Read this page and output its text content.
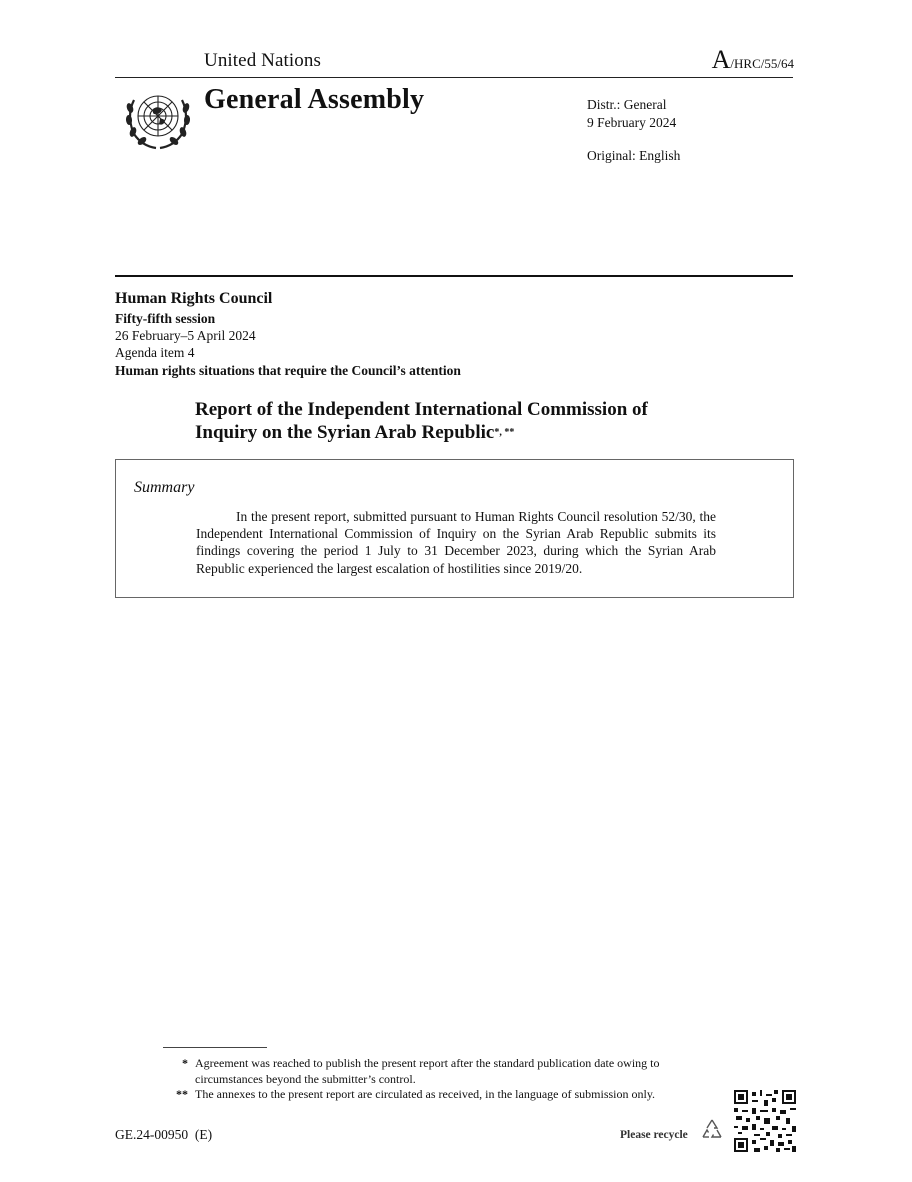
United Nations	A/HRC/55/64
General Assembly	Distr.: General
9 February 2024
Original: English
Human Rights Council
Fifty-fifth session
26 February–5 April 2024
Agenda item 4
Human rights situations that require the Council’s attention
Report of the Independent International Commission of
Inquiry on the Syrian Arab Republic*, **
Summary
In the present report, submitted pursuant to Human Rights Council resolution 52/30, the Independent International Commission of Inquiry on the Syrian Arab Republic submits its findings covering the period 1 July to 31 December 2023, during which the Syrian Arab Republic experienced the largest escalation of hostilities since 2019/20.
* Agreement was reached to publish the present report after the standard publication date owing to circumstances beyond the submitter’s control.
** The annexes to the present report are circulated as received, in the language of submission only.
GE.24-00950  (E)	Please recycle
